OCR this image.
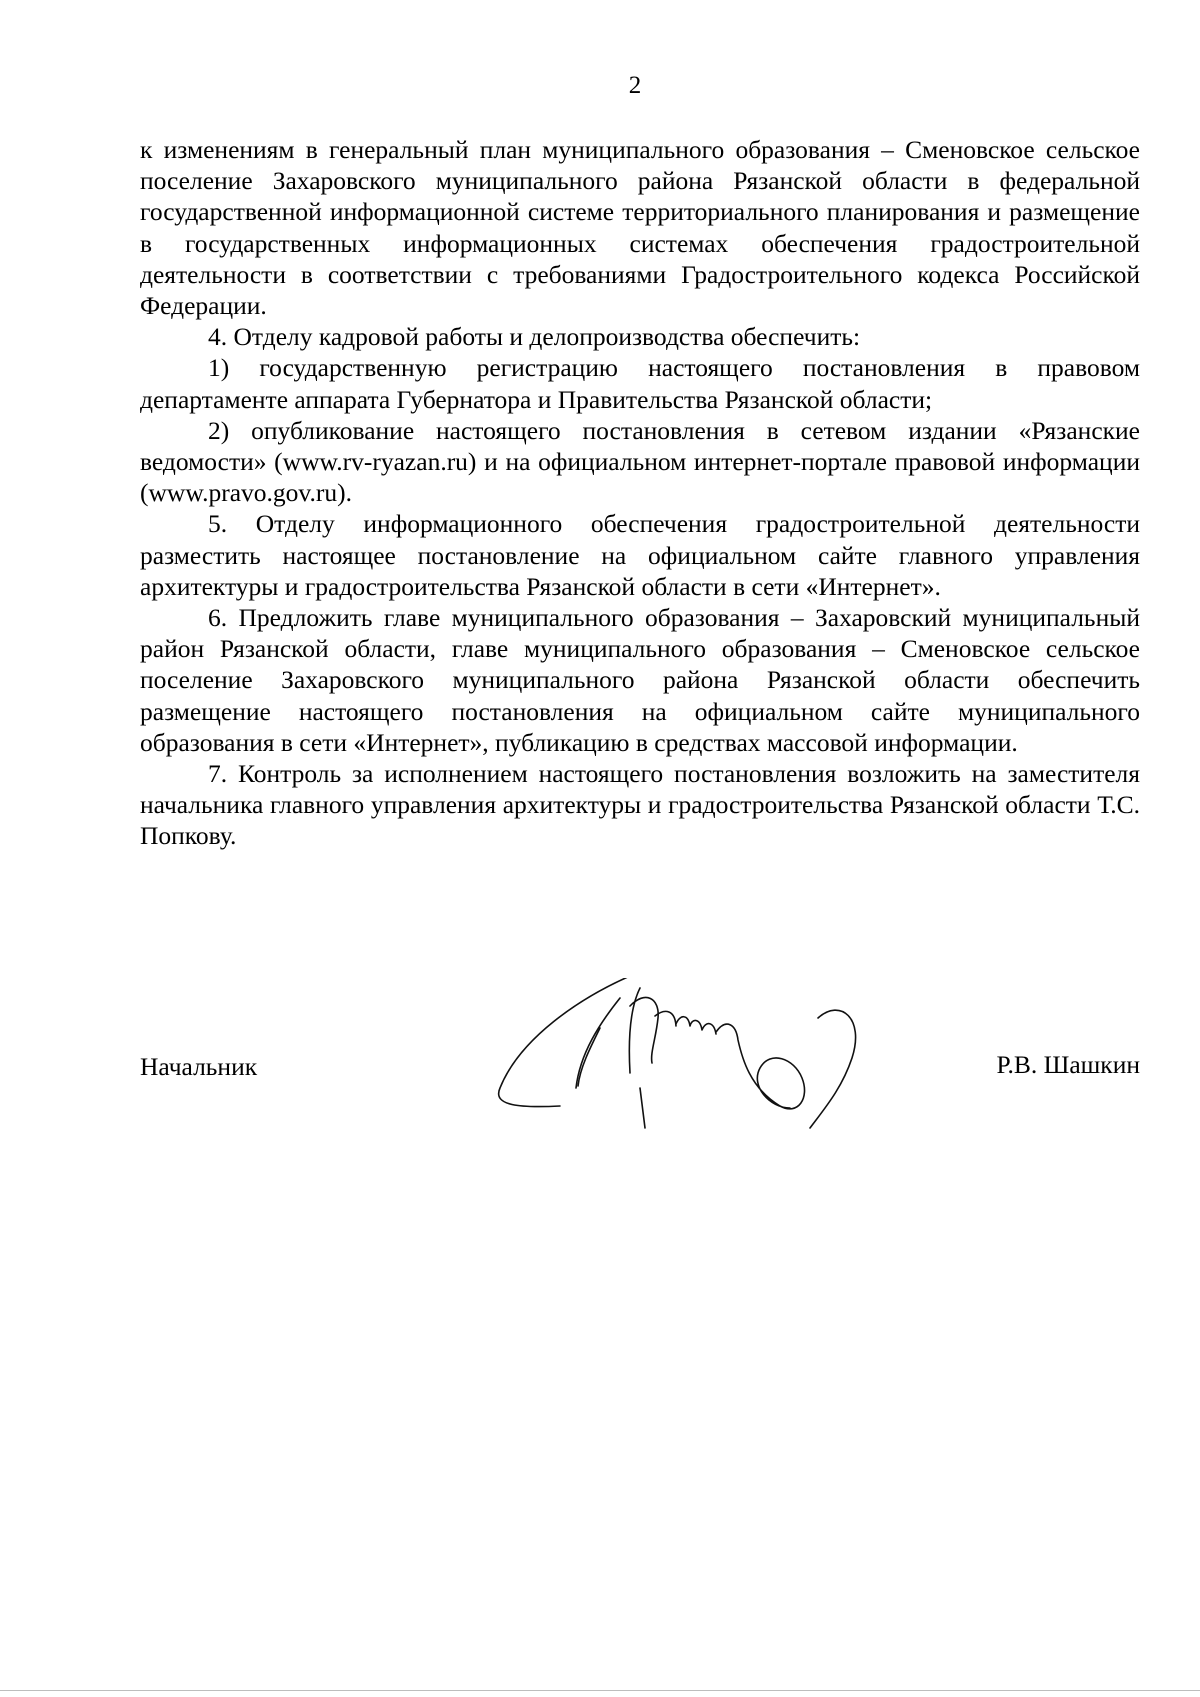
2

к изменениям в генеральный план муниципального образования – Сменовское сельское поселение Захаровского муниципального района Рязанской области в федеральной государственной информационной системе территориального планирования и размещение в государственных информационных системах обеспечения градостроительной деятельности в соответствии с требованиями Градостроительного кодекса Российской Федерации.

4. Отделу кадровой работы и делопроизводства обеспечить:

1) государственную регистрацию настоящего постановления в правовом департаменте аппарата Губернатора и Правительства Рязанской области;

2) опубликование настоящего постановления в сетевом издании «Рязанские ведомости» (www.rv-ryazan.ru) и на официальном интернет-портале правовой информации (www.pravo.gov.ru).

5. Отделу информационного обеспечения градостроительной деятельности разместить настоящее постановление на официальном сайте главного управления архитектуры и градостроительства Рязанской области в сети «Интернет».

6. Предложить главе муниципального образования – Захаровский муниципальный район Рязанской области, главе муниципального образования – Сменовское сельское поселение Захаровского муниципального района Рязанской области обеспечить размещение настоящего постановления на официальном сайте муниципального образования в сети «Интернет», публикацию в средствах массовой информации.

7. Контроль за исполнением настоящего постановления возложить на заместителя начальника главного управления архитектуры и градостроительства Рязанской области Т.С. Попкову.

Начальник	Р.В. Шашкин
